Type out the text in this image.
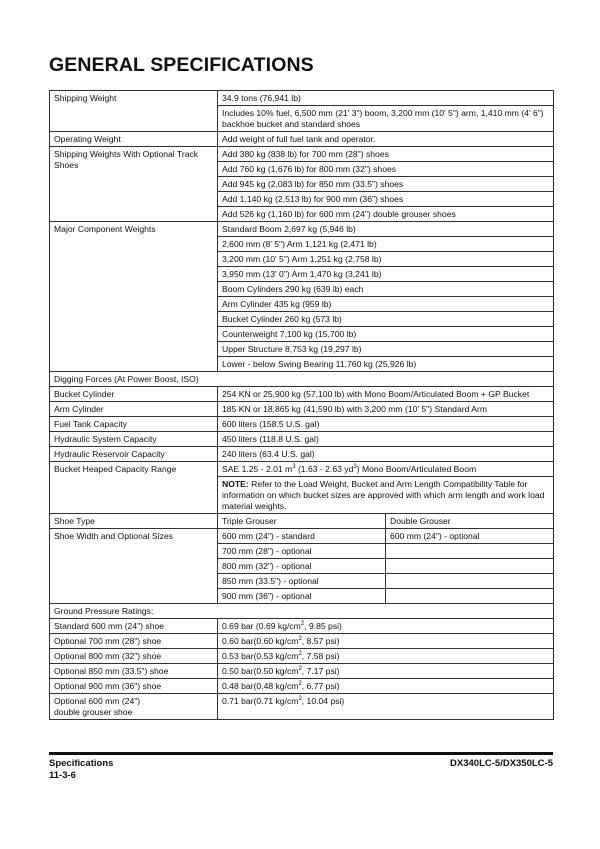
GENERAL SPECIFICATIONS
Shipping Weight	34.9 tons (76,941 lb)	
	Includes 10% fuel, 6,500 mm (21' 3") boom, 3,200 mm (10' 5") arm, 1,410 mm (4' 6") backhoe bucket and standard shoes	
Operating Weight	Add weight of full fuel tank and operator.	
Shipping Weights With Optional Track Shoes	Add 380 kg (838 lb) for 700 mm (28") shoes	
	Add 760 kg (1,676 lb) for 800 mm (32") shoes	
	Add 945 kg (2,083 lb) for 850 mm (33.5") shoes	
	Add 1,140 kg (2,513 lb) for 900 mm (36") shoes	
	Add 526 kg (1,160 lb) for 600 mm (24") double grouser shoes	
Major Component Weights	Standard Boom 2,697 kg (5,946 lb)	
	2,600 mm (8' 5") Arm 1,121 kg (2,471 lb)	
	3,200 mm (10' 5") Arm 1,251 kg (2,758 lb)	
	3,950 mm (13' 0") Arm 1,470 kg (3,241 lb)	
	Boom Cylinders 290 kg (639 lb) each	
	Arm Cylinder 435 kg (959 lb)	
	Bucket Cylinder 260 kg (573 lb)	
	Counterweight 7,100 kg (15,700 lb)	
	Upper Structure 8,753 kg (19,297 lb)	
	Lower - below Swing Bearing 11,760 kg (25,926 lb)	
Digging Forces (At Power Boost, ISO)		
Bucket Cylinder	254 KN or 25,900 kg (57,100 lb) with Mono Boom/Articulated Boom + GP Bucket	
Arm Cylinder	185 KN or 18,865 kg (41,590 lb) with 3,200 mm (10' 5") Standard Arm	
Fuel Tank Capacity	600 liters (158.5 U.S. gal)	
Hydraulic System Capacity	450 liters (118.8 U.S. gal)	
Hydraulic Reservoir Capacity	240 liters (63.4 U.S. gal)	
Bucket Heaped Capacity Range	SAE 1.25 - 2.01 $m^3$ (1.63 - 2.63 $yd^3$) Mono Boom/Articulated Boom	
	NOTE: Refer to the Load Weight, Bucket and Arm Length Compatibility Table for information on which bucket sizes are approved with which arm length and work load material weights.	
Shoe Type	Triple Grouser	Double Grouser
Shoe Width and Optional Sizes	600 mm (24") - standard	600 mm (24") - optional
	700 mm (28") - optional	
	800 mm (32") - optional	
	850 mm (33.5") - optional	
	900 mm (36") - optional	
Ground Pressure Ratings:		
Standard 600 mm (24") shoe	0.69 bar (0.69 $kg/cm^2$, 9.85 psi)	
Optional 700 mm (28") shoe	0.60 bar(0.60 $kg/cm^2$, 8.57 psi)	
Optional 800 mm (32") shoe	0.53 bar(0.53 $kg/cm^2$, 7.58 psi)	
Optional 850 mm (33.5") shoe	0.50 bar(0.50 $kg/cm^2$, 7.17 psi)	
Optional 900 mm (36") shoe	0.48 bar(0.48 $kg/cm^2$, 6.77 psi)	
Optional 600 mm (24")
double grouser shoe	0.71 bar(0.71 $kg/cm^2$, 10.04 psi)	
Specifications
11-3-6
DX340LC-5/DX350LC-5
